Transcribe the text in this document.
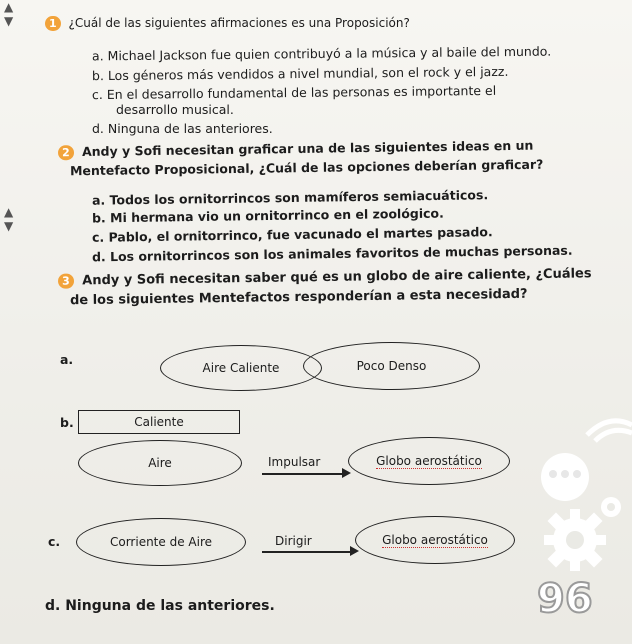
▲
▼
▲
▼
1 ¿Cuál de las siguientes afirmaciones es una Proposición?
a. Michael Jackson fue quien contribuyó a la música y al baile del mundo.
b. Los géneros más vendidos a nivel mundial, son el rock y el jazz.
c. En el desarrollo fundamental de las personas es importante el
desarrollo musical.
d. Ninguna de las anteriores.
2 Andy y Sofi necesitan graficar una de las siguientes ideas en un
Mentefacto Proposicional, ¿Cuál de las opciones deberían graficar?
a. Todos los ornitorrincos son mamíferos semiacuáticos.
b. Mi hermana vio un ornitorrinco en el zoológico.
c. Pablo, el ornitorrinco, fue vacunado el martes pasado.
d. Los ornitorrincos son los animales favoritos de muchas personas.
3 Andy y Sofi necesitan saber qué es un globo de aire caliente, ¿Cuáles
de los siguientes Mentefactos responderían a esta necesidad?
a.
Aire Caliente	Poco Denso
b.	Caliente
Aire	Impulsar	Globo aerostático
c.	Corriente de Aire	Dirigir	Globo aerostático
d. Ninguna de las anteriores.	96
